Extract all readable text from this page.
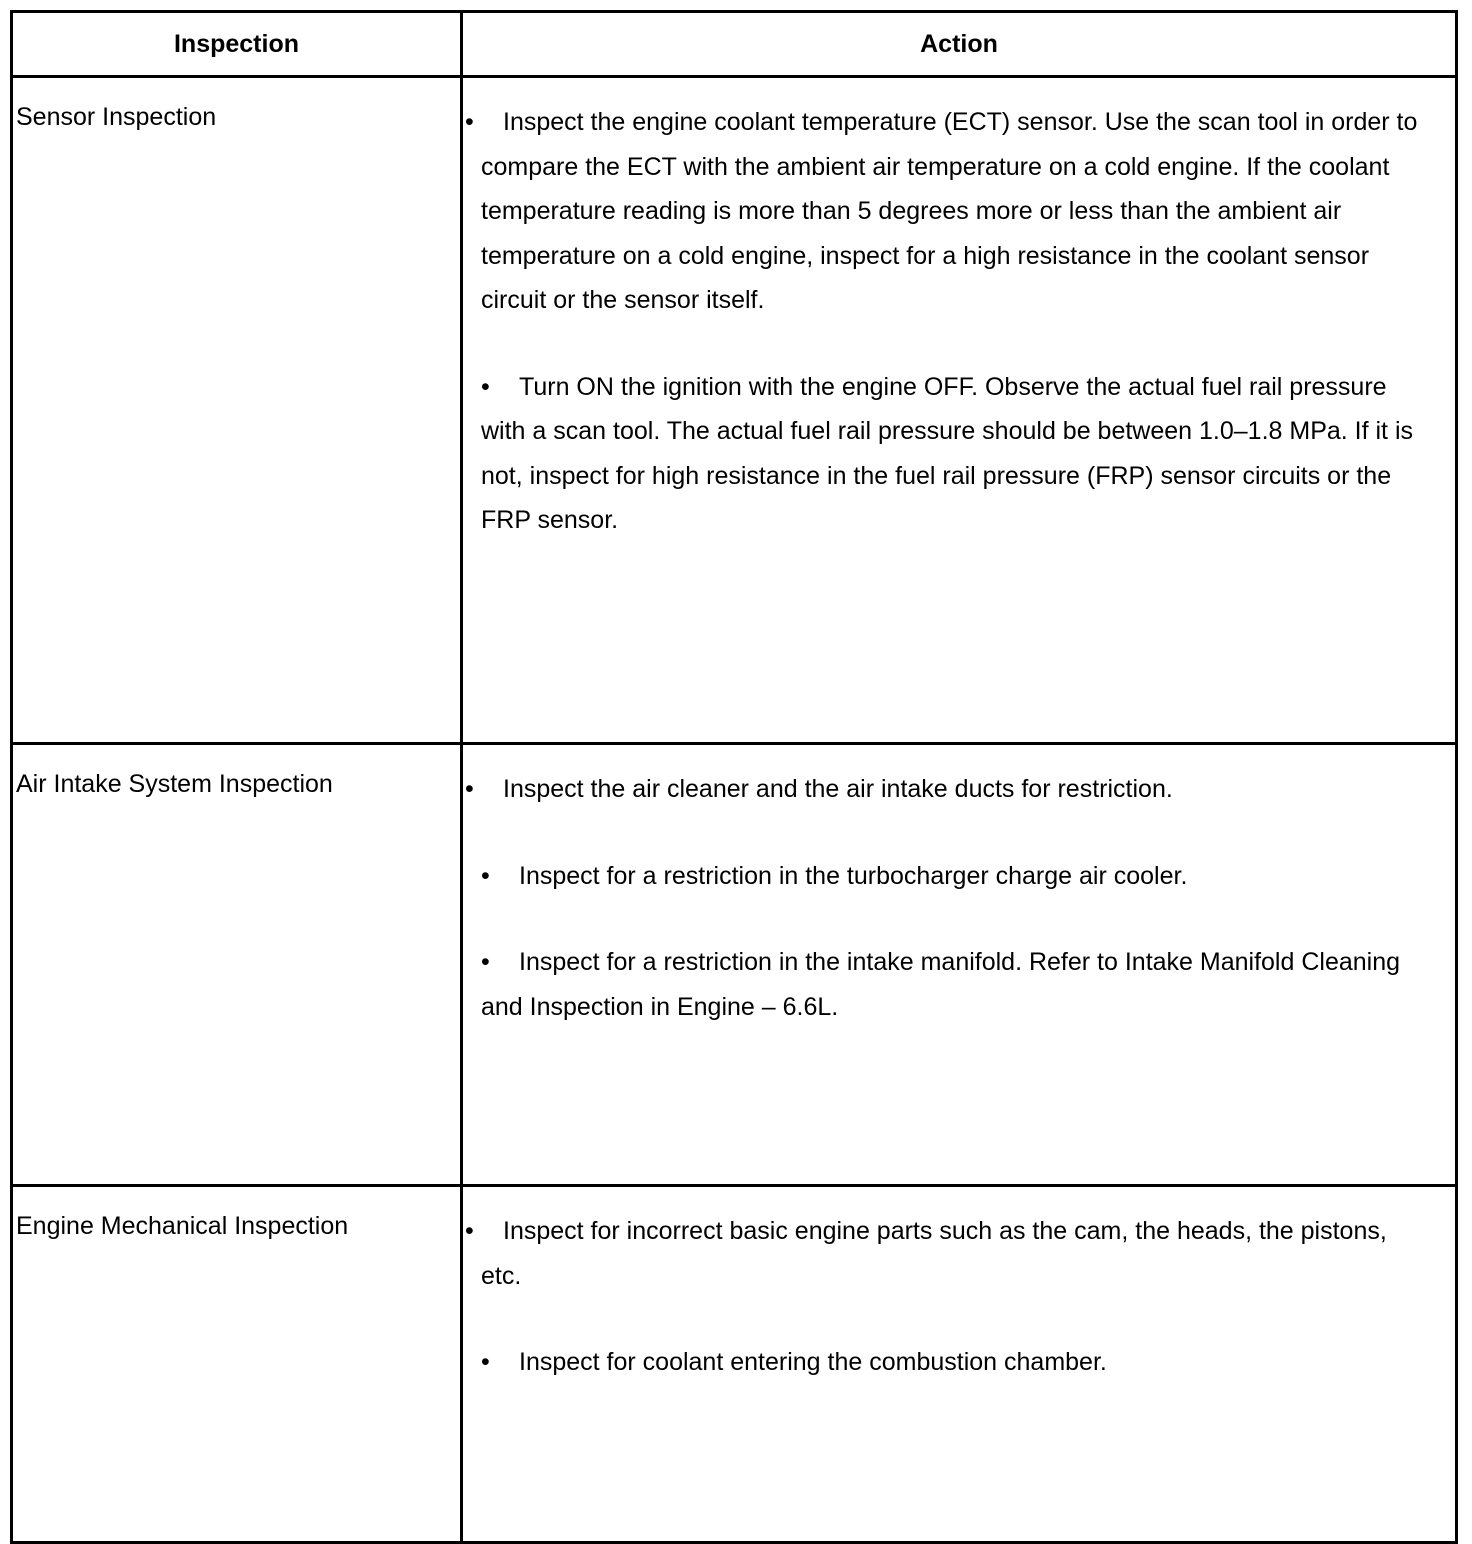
Inspection	Action
Sensor Inspection	• Inspect the engine coolant temperature (ECT) sensor. Use the scan tool in order to compare the ECT with the ambient air temperature on a cold engine. If the coolant temperature reading is more than 5 degrees more or less than the ambient air temperature on a cold engine, inspect for a high resistance in the coolant sensor circuit or the sensor itself.
• Turn ON the ignition with the engine OFF. Observe the actual fuel rail pressure with a scan tool. The actual fuel rail pressure should be between 1.0–1.8 MPa. If it is not, inspect for high resistance in the fuel rail pressure (FRP) sensor circuits or the FRP sensor.

Air Intake System Inspection	• Inspect the air cleaner and the air intake ducts for restriction.
• Inspect for a restriction in the turbocharger charge air cooler.
• Inspect for a restriction in the intake manifold. Refer to Intake Manifold Cleaning and Inspection in Engine – 6.6L.

Engine Mechanical Inspection	• Inspect for incorrect basic engine parts such as the cam, the heads, the pistons, etc.
• Inspect for coolant entering the combustion chamber.
